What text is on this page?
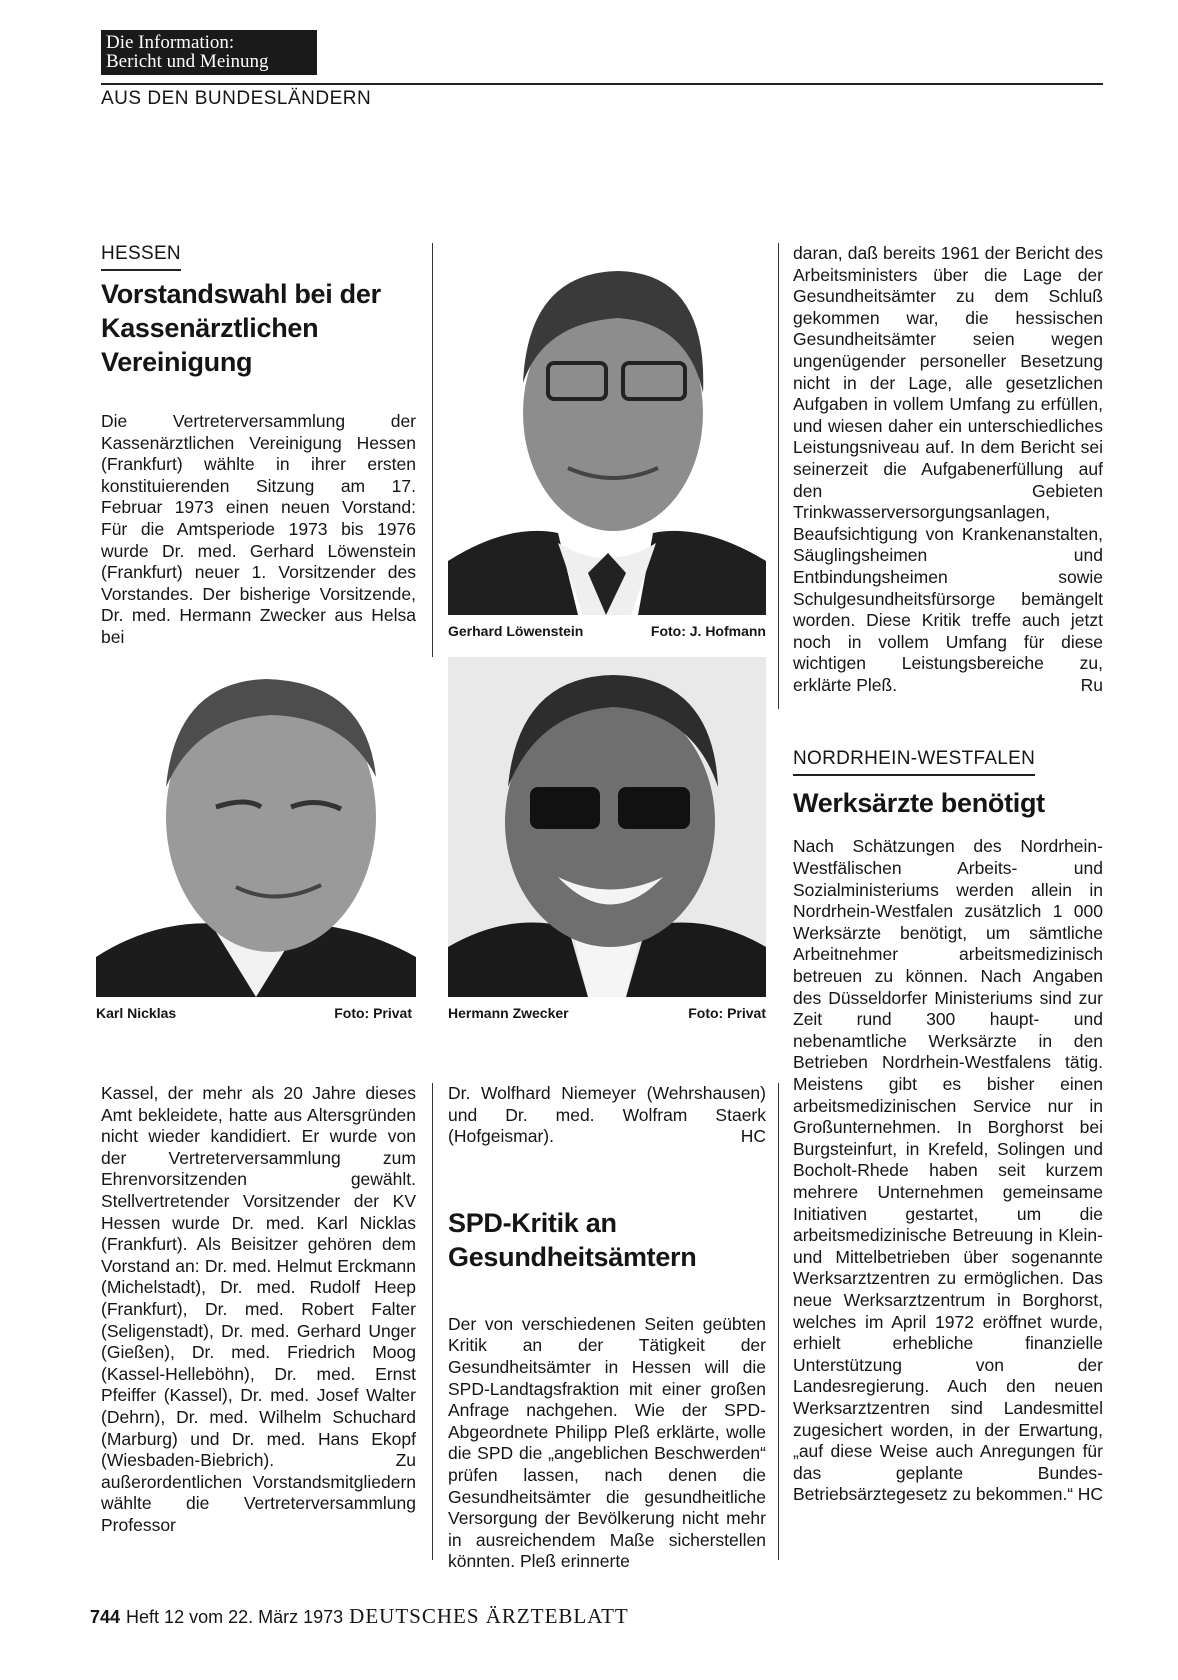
Die Information:
Bericht und Meinung
AUS DEN BUNDESLÄNDERN
HESSEN
Vorstandswahl bei der Kassenärztlichen Vereinigung

Die Vertreterversammlung der Kassenärztlichen Vereinigung Hessen (Frankfurt) wählte in ihrer ersten konstituierenden Sitzung am 17. Februar 1973 einen neuen Vorstand: Für die Amtsperiode 1973 bis 1976 wurde Dr. med. Gerhard Löwenstein (Frankfurt) neuer 1. Vorsitzender des Vorstandes. Der bisherige Vorsitzende, Dr. med. Hermann Zwecker aus Helsa bei

Kassel, der mehr als 20 Jahre dieses Amt bekleidete, hatte aus Altersgründen nicht wieder kandidiert. Er wurde von der Vertreterversammlung zum Ehrenvorsitzenden gewählt. Stellvertretender Vorsitzender der KV Hessen wurde Dr. med. Karl Nicklas (Frankfurt). Als Beisitzer gehören dem Vorstand an: Dr. med. Helmut Erckmann (Michelstadt), Dr. med. Rudolf Heep (Frankfurt), Dr. med. Robert Falter (Seligenstadt), Dr. med. Gerhard Unger (Gießen), Dr. med. Friedrich Moog (Kassel-Helleböhn), Dr. med. Ernst Pfeiffer (Kassel), Dr. med. Josef Walter (Dehrn), Dr. med. Wilhelm Schuchard (Marburg) und Dr. med. Hans Ekopf (Wiesbaden-Biebrich). Zu außerordentlichen Vorstandsmitgliedern wählte die Vertreterversammlung Professor

Gerhard Löwenstein	Foto: J. Hofmann
Karl Nicklas	Foto: Privat	Hermann Zwecker	Foto: Privat

Dr. Wolfhard Niemeyer (Wehrshausen) und Dr. med. Wolfram Staerk (Hofgeismar).	HC

SPD-Kritik an Gesundheitsämtern

Der von verschiedenen Seiten geübten Kritik an der Tätigkeit der Gesundheitsämter in Hessen will die SPD-Landtagsfraktion mit einer großen Anfrage nachgehen. Wie der SPD-Abgeordnete Philipp Pleß erklärte, wolle die SPD die „angeblichen Beschwerden“ prüfen lassen, nach denen die Gesundheitsämter die gesundheitliche Versorgung der Bevölkerung nicht mehr in ausreichendem Maße sicherstellen könnten. Pleß erinnerte

daran, daß bereits 1961 der Bericht des Arbeitsministers über die Lage der Gesundheitsämter zu dem Schluß gekommen war, die hessischen Gesundheitsämter seien wegen ungenügender personeller Besetzung nicht in der Lage, alle gesetzlichen Aufgaben in vollem Umfang zu erfüllen, und wiesen daher ein unterschiedliches Leistungsniveau auf. In dem Bericht sei seinerzeit die Aufgabenerfüllung auf den Gebieten Trinkwasserversorgungsanlagen, Beaufsichtigung von Krankenanstalten, Säuglingsheimen und Entbindungsheimen sowie Schulgesundheitsfürsorge bemängelt worden. Diese Kritik treffe auch jetzt noch in vollem Umfang für diese wichtigen Leistungsbereiche zu, erklärte Pleß.	Ru

NORDRHEIN-WESTFALEN
Werksärzte benötigt

Nach Schätzungen des Nordrhein-Westfälischen Arbeits- und Sozialministeriums werden allein in Nordrhein-Westfalen zusätzlich 1 000 Werksärzte benötigt, um sämtliche Arbeitnehmer arbeitsmedizinisch betreuen zu können. Nach Angaben des Düsseldorfer Ministeriums sind zur Zeit rund 300 haupt- und nebenamtliche Werksärzte in den Betrieben Nordrhein-Westfalens tätig. Meistens gibt es bisher einen arbeitsmedizinischen Service nur in Großunternehmen. In Borghorst bei Burgsteinfurt, in Krefeld, Solingen und Bocholt-Rhede haben seit kurzem mehrere Unternehmen gemeinsame Initiativen gestartet, um die arbeitsmedizinische Betreuung in Klein- und Mittelbetrieben über sogenannte Werksarztzentren zu ermöglichen. Das neue Werksarztzentrum in Borghorst, welches im April 1972 eröffnet wurde, erhielt erhebliche finanzielle Unterstützung von der Landesregierung. Auch den neuen Werksarztzentren sind Landesmittel zugesichert worden, in der Erwartung, „auf diese Weise auch Anregungen für das geplante Bundes-Betriebsärztegesetz zu bekommen.“ HC

744 Heft 12 vom 22. März 1973 DEUTSCHES ÄRZTEBLATT
